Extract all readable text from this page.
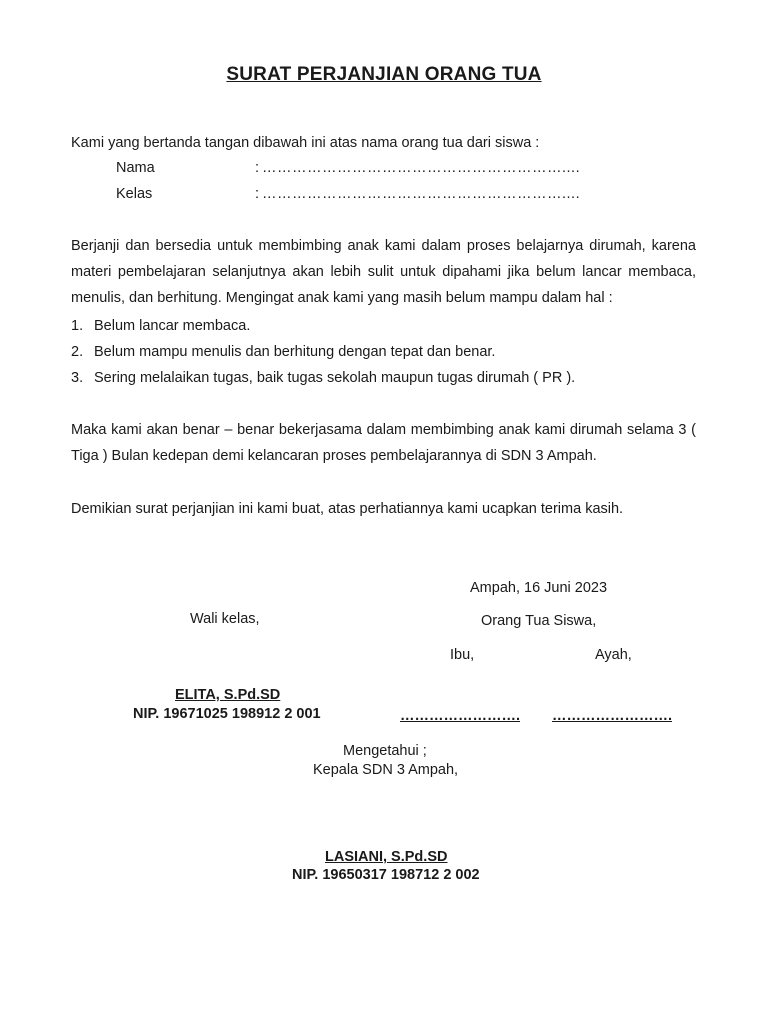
SURAT PERJANJIAN ORANG TUA
Kami yang bertanda tangan dibawah ini atas nama orang tua dari siswa :
Nama	: ……………………………………………………....
Kelas	: ……………………………………………………....
Berjanji dan bersedia untuk membimbing anak kami dalam proses belajarnya dirumah, karena materi pembelajaran selanjutnya akan lebih sulit untuk dipahami jika belum lancar membaca, menulis, dan berhitung. Mengingat anak kami yang masih belum mampu dalam hal :
1. Belum lancar membaca.
2. Belum mampu menulis dan berhitung dengan tepat dan benar.
3. Sering melalaikan tugas, baik tugas sekolah maupun tugas dirumah ( PR ).
Maka kami akan benar – benar bekerjasama dalam membimbing anak kami dirumah selama 3 ( Tiga ) Bulan kedepan demi kelancaran proses pembelajarannya di SDN 3 Ampah.
Demikian surat perjanjian ini kami buat, atas perhatiannya kami ucapkan terima kasih.
Ampah, 16 Juni 2023
Wali kelas,	Orang Tua Siswa,
Ibu,	Ayah,
ELITA, S.Pd.SD
NIP. 19671025 198912 2 001	……………………. …………………….
Mengetahui ;
Kepala SDN 3 Ampah,
LASIANI, S.Pd.SD
NIP. 19650317 198712 2 002
